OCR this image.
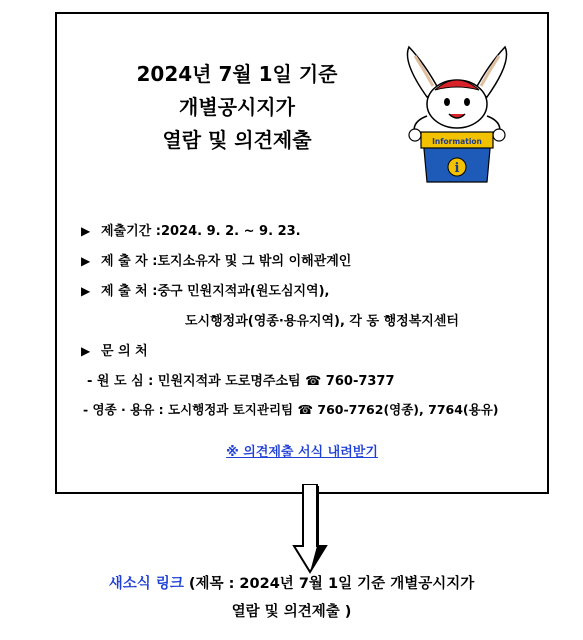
2024년 7월 1일 기준
개별공시지가
열람 및 의견제출	Information
i
▶ 제출기간 :2024. 9. 2. ~ 9. 23.
▶ 제 출 자 :토지소유자 및 그 밖의 이해관계인
▶ 제 출 처 :중구 민원지적과(원도심지역),
도시행정과(영종·용유지역), 각 동 행정복지센터
▶ 문 의 처
- 원 도 심 : 민원지적과 도로명주소팀 ☎ 760-7377
- 영종 · 용유 : 도시행정과 토지관리팀 ☎ 760-7762(영종), 7764(용유)
※ 의견제출 서식 내려받기
새소식 링크 (제목 : 2024년 7월 1일 기준 개별공시지가
열람 및 의견제출 )
